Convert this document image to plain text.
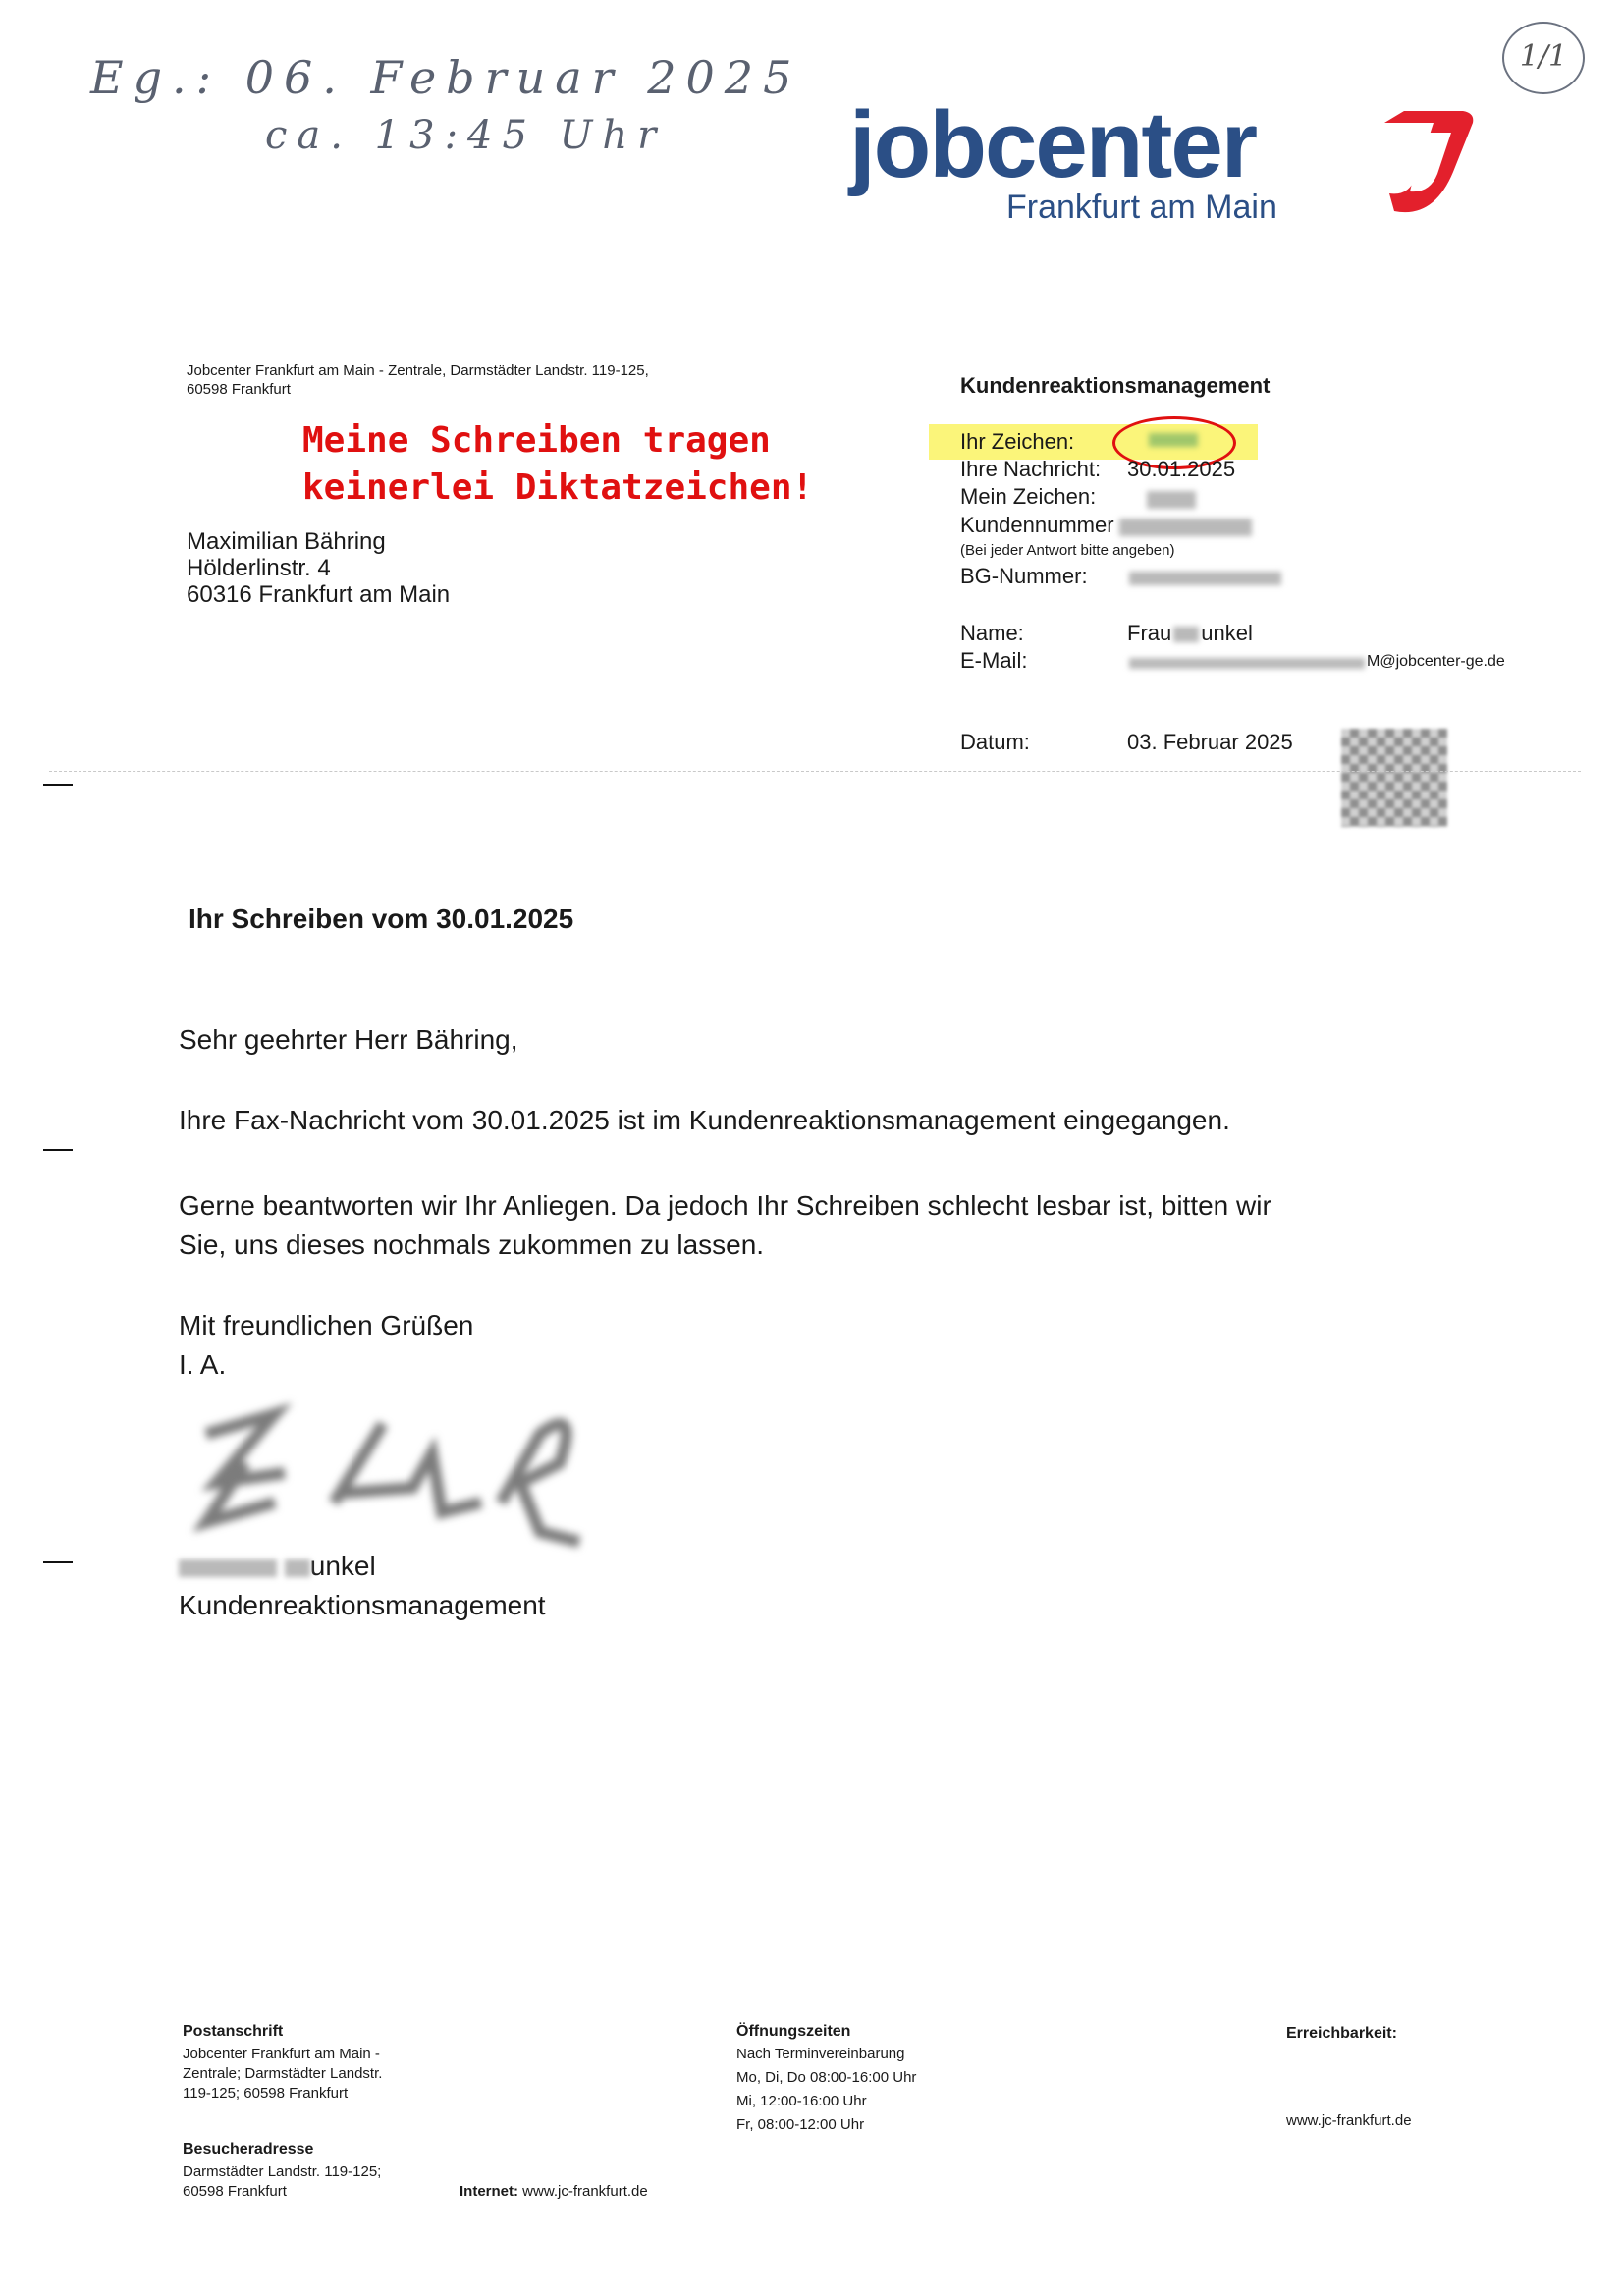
Eg.: 06. Februar 2025
ca. 13:45 Uhr
1/1
jobcenter
Frankfurt am Main
Jobcenter Frankfurt am Main - Zentrale, Darmstädter Landstr. 119-125,
60598 Frankfurt
Meine Schreiben tragen
keinerlei Diktatzeichen!
Maximilian Bähring
Hölderlinstr. 4
60316 Frankfurt am Main
Kundenreaktionsmanagement
Ihr Zeichen:
Ihre Nachricht: 30.01.2025
Mein Zeichen:
Kundennummer
(Bei jeder Antwort bitte angeben)
BG-Nummer:
Name:	Frau unkel
E-Mail:	M@jobcenter-ge.de
Datum:	03. Februar 2025
Ihr Schreiben vom 30.01.2025
Sehr geehrter Herr Bähring,
Ihre Fax-Nachricht vom 30.01.2025 ist im Kundenreaktionsmanagement eingegangen.
Gerne beantworten wir Ihr Anliegen. Da jedoch Ihr Schreiben schlecht lesbar ist, bitten wir
Sie, uns dieses nochmals zukommen zu lassen.
Mit freundlichen Grüßen
I. A.
unkel
Kundenreaktionsmanagement
Postanschrift
Jobcenter Frankfurt am Main -
Zentrale; Darmstädter Landstr.
119-125; 60598 Frankfurt
Besucheradresse
Darmstädter Landstr. 119-125;
60598 Frankfurt	Internet: www.jc-frankfurt.de
Öffnungszeiten
Nach Terminvereinbarung
Mo, Di, Do 08:00-16:00 Uhr
Mi, 12:00-16:00 Uhr
Fr, 08:00-12:00 Uhr
Erreichbarkeit:
www.jc-frankfurt.de
